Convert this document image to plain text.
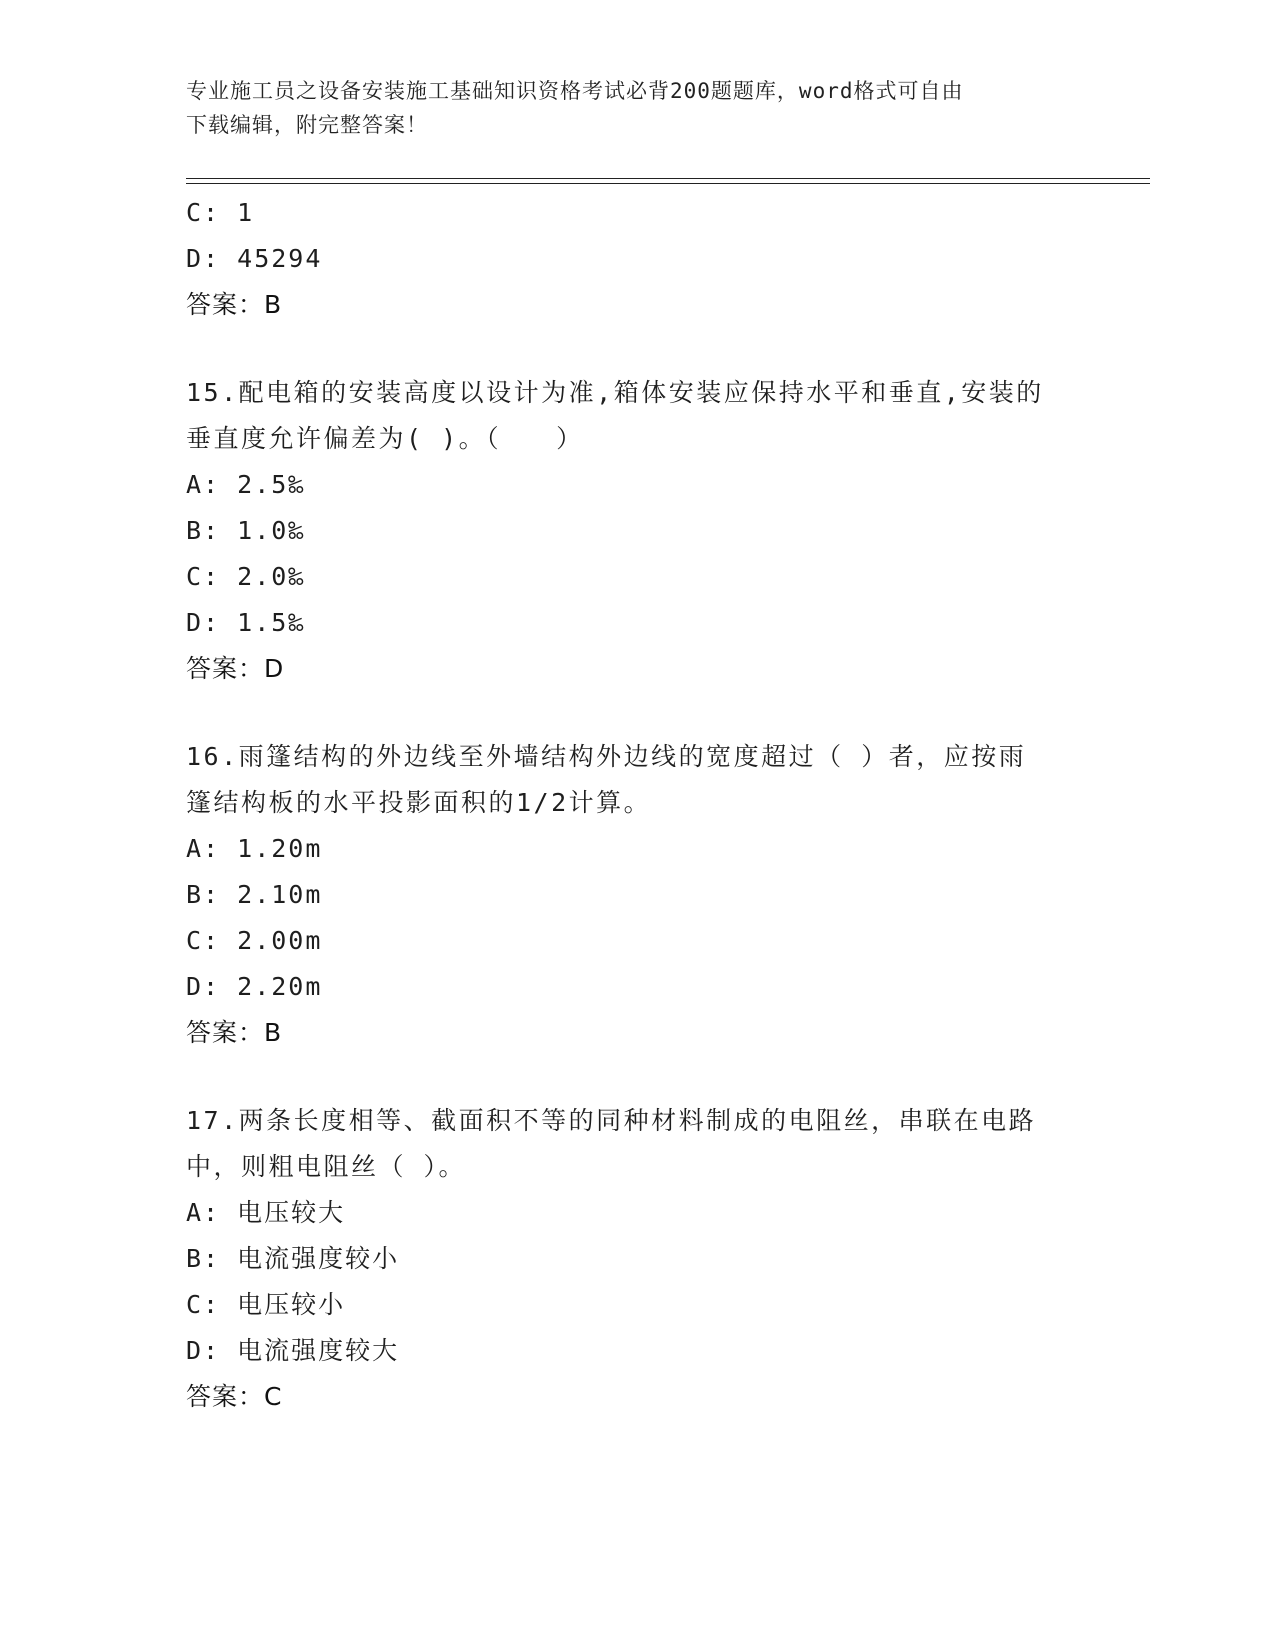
专业施工员之设备安装施工基础知识资格考试必背200题题库，word格式可自由
下载编辑，附完整答案！
C: 1
D: 45294
答案：B
15.配电箱的安装高度以设计为准,箱体安装应保持水平和垂直,安装的
垂直度允许偏差为( )。（　　）
A: 2.5‰
B: 1.0‰
C: 2.0‰
D: 1.5‰
答案：D
16.雨篷结构的外边线至外墙结构外边线的宽度超过（ ）者，应按雨
篷结构板的水平投影面积的1/2计算。
A: 1.20m
B: 2.10m
C: 2.00m
D: 2.20m
答案：B
17.两条长度相等、截面积不等的同种材料制成的电阻丝，串联在电路
中，则粗电阻丝（ ）。
A: 电压较大
B: 电流强度较小
C: 电压较小
D: 电流强度较大
答案：C
